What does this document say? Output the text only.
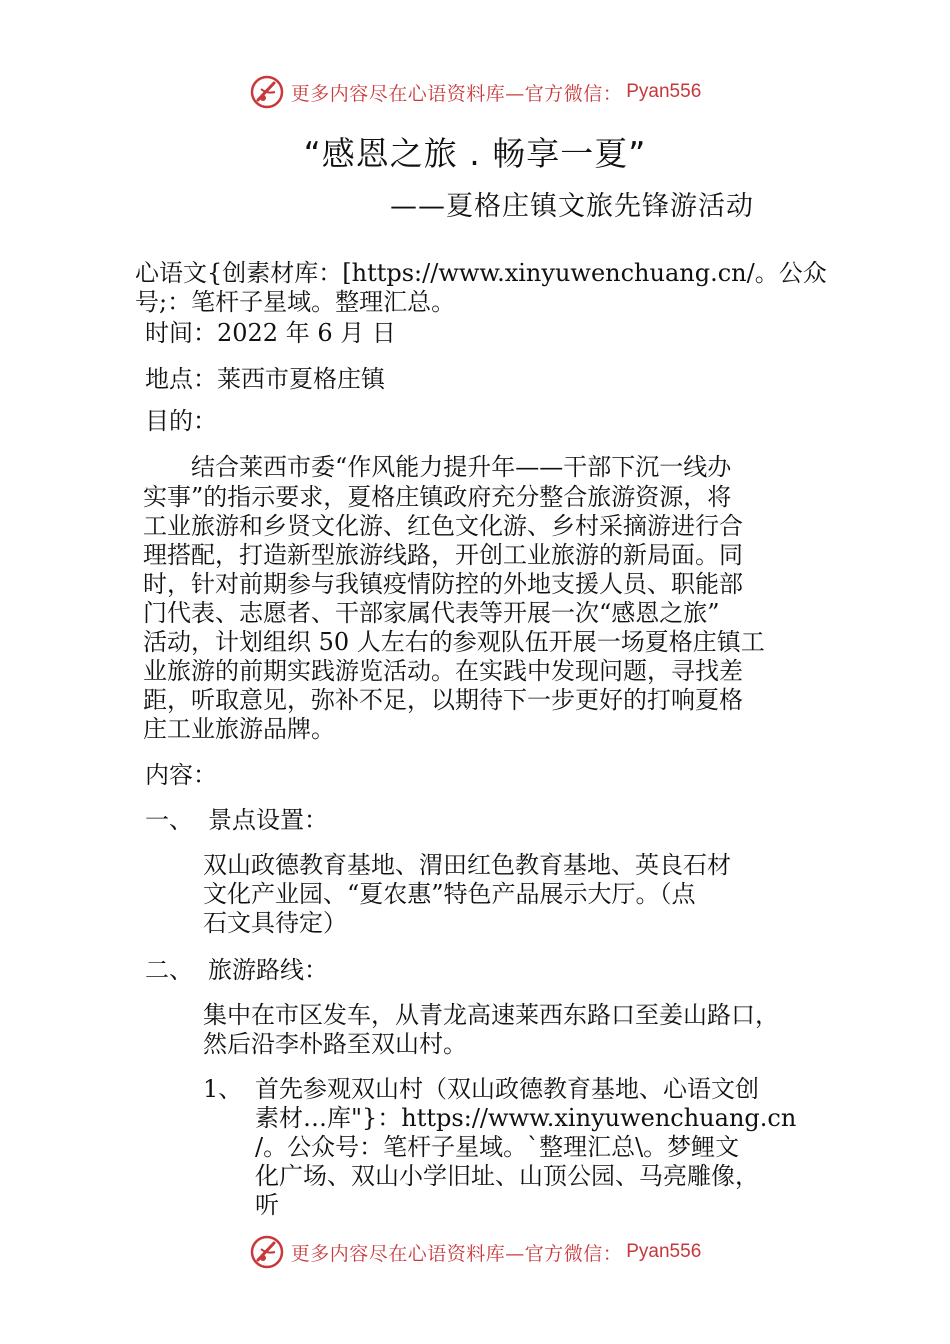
更多内容尽在心语资料库—官方微信： Pyan556
“感恩之旅 . 畅享一夏”
——夏格庄镇文旅先锋游活动
心语文{创素材库：[https://www.xinyuwenchuang.cn/。公众
号;：笔杆子星域。整理汇总。
时间：2022 年 6 月 日
地点：莱西市夏格庄镇
目的：
　　结合莱西市委“作风能力提升年——干部下沉一线办
实事”的指示要求，夏格庄镇政府充分整合旅游资源，将
工业旅游和乡贤文化游、红色文化游、乡村采摘游进行合
理搭配，打造新型旅游线路，开创工业旅游的新局面。同
时，针对前期参与我镇疫情防控的外地支援人员、职能部
门代表、志愿者、干部家属代表等开展一次“感恩之旅”
活动，计划组织 50 人左右的参观队伍开展一场夏格庄镇工
业旅游的前期实践游览活动。在实践中发现问题，寻找差
距，听取意见，弥补不足，以期待下一步更好的打响夏格
庄工业旅游品牌。
内容：
一、 景点设置：
双山政德教育基地、渭田红色教育基地、英良石材
文化产业园、“夏农惠”特色产品展示大厅。（点
石文具待定）
二、 旅游路线：
集中在市区发车，从青龙高速莱西东路口至姜山路口，
然后沿李朴路至双山村。
1、 首先参观双山村（双山政德教育基地、心语文创
素材…库"}：https://www.xinyuwenchuang.cn
/。公众号：笔杆子星域。`整理汇总\。梦鲤文
化广场、双山小学旧址、山顶公园、马亮雕像，
听
更多内容尽在心语资料库—官方微信： Pyan556
